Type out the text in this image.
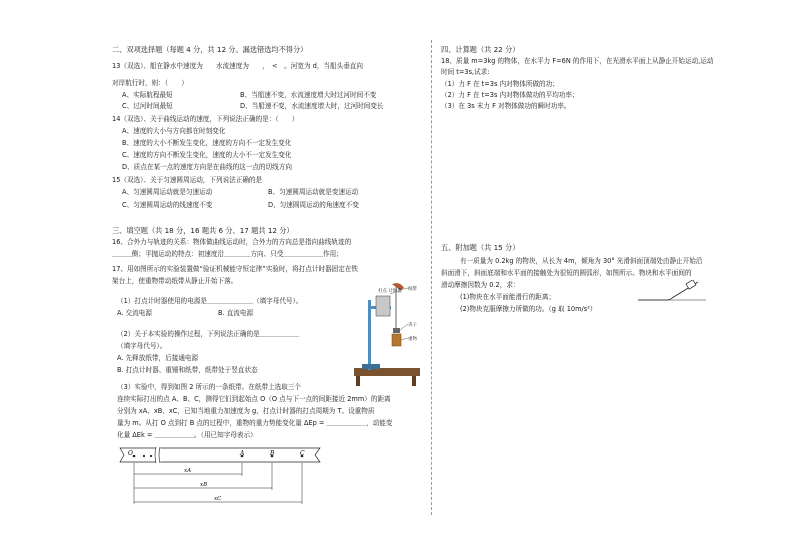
二、双项选择题（每题 4 分，共 12 分。漏选错选均不得分）
13（双选）、船在静水中速度为　　水流速度为　　，　<　。河宽为 d，当船头垂直向
对岸航行时，则：（　　）
A、实际航程最短	B、当船速不变，水流速度增大时过河时间不变
C、过河时间最短	D、当船速不变，水流速度增大时，过河时间变长
14（双选）、关于曲线运动的速度，下列说法正确的是：（　　）
A、速度的大小与方向都在时刻变化
B、速度的大小不断发生变化，速度的方向不一定发生变化
C、速度的方向不断发生变化，速度的大小不一定发生变化
D、质点在某一点的速度方向是在曲线的这一点的切线方向
15（双选）、关于匀速圆周运动，下列说法正确的是
A、匀速圆周运动就是匀速运动	B、匀速圆周运动就是变速运动
C、匀速圆周运动的线速度不变	D、匀速圆周运动的角速度不变
三、填空题（共 18 分，16 题共 6 分、17 题共 12 分）
16、合外力与轨迹的关系：物体做曲线运动时，合外力的方向总是指向曲线轨迹的
＿＿＿侧；平抛运动的特点：初速度沿＿＿＿＿方向、只受＿＿＿＿＿＿作用；
17、用如图所示的实验装置做“验证机械能守恒定律”实验时，将打点计时器固定在铁
架台上，使重物带动纸带从静止开始下落。
（1）打点计时器使用的电源是＿＿＿＿＿＿＿（填字母代号）。
A. 交流电源	B. 直流电源
（2）关于本实验的操作过程，下列说法正确的是＿＿＿＿＿＿
（填字母代号）。
A. 先释放纸带，后接通电源
B. 打点计时器、重锤和纸带，纸带处于竖直状态
（3）实验中，得到如图 2 所示的一条纸带。在纸带上选取三个
连续实际打出的点 A、B、C，测得它们到起始点 O（O 点与下一点的间距接近 2mm）的距离
分别为 xA、xB、xC，已知当地重力加速度为 g，打点计时器的打点周期为 T。设重物质
量为 m。从打 O 点到打 B 点的过程中，重物的重力势能变化量 ΔEp = ＿＿＿＿＿＿，动能变
化量 ΔEk = ＿＿＿＿＿＿。（用已知字母表示）
打点 计时器 纸带
夹子
重物
O	A	B	C
xA
xB
xC
四、计算题（共 22 分）
18、质量 m=3kg 的物体，在水平力 F=6N 的作用下，在光滑水平面上从静止开始运动,运动
时间 t=3s,试求:
（1）力 F 在 t=3s 内对物体所做的功；
（2）力 F 在 t=3s 内对物体做功的平均功率；
（3）在 3s 末力 F 对物体做功的瞬时功率。
五、附加题（共 15 分）
有一质量为 0.2kg 的物块，从长为 4m，倾角为 30° 光滑斜面顶端处由静止开始沿
斜面滑下，斜面底端和水平面的接触处为很短的圆弧形，如图所示。物块和水平面间的
滑动摩擦因数为 0.2，求：
(1)物块在水平面能滑行的距离；
(2)物块克服摩擦力所做的功。（g 取 10m/s²）
